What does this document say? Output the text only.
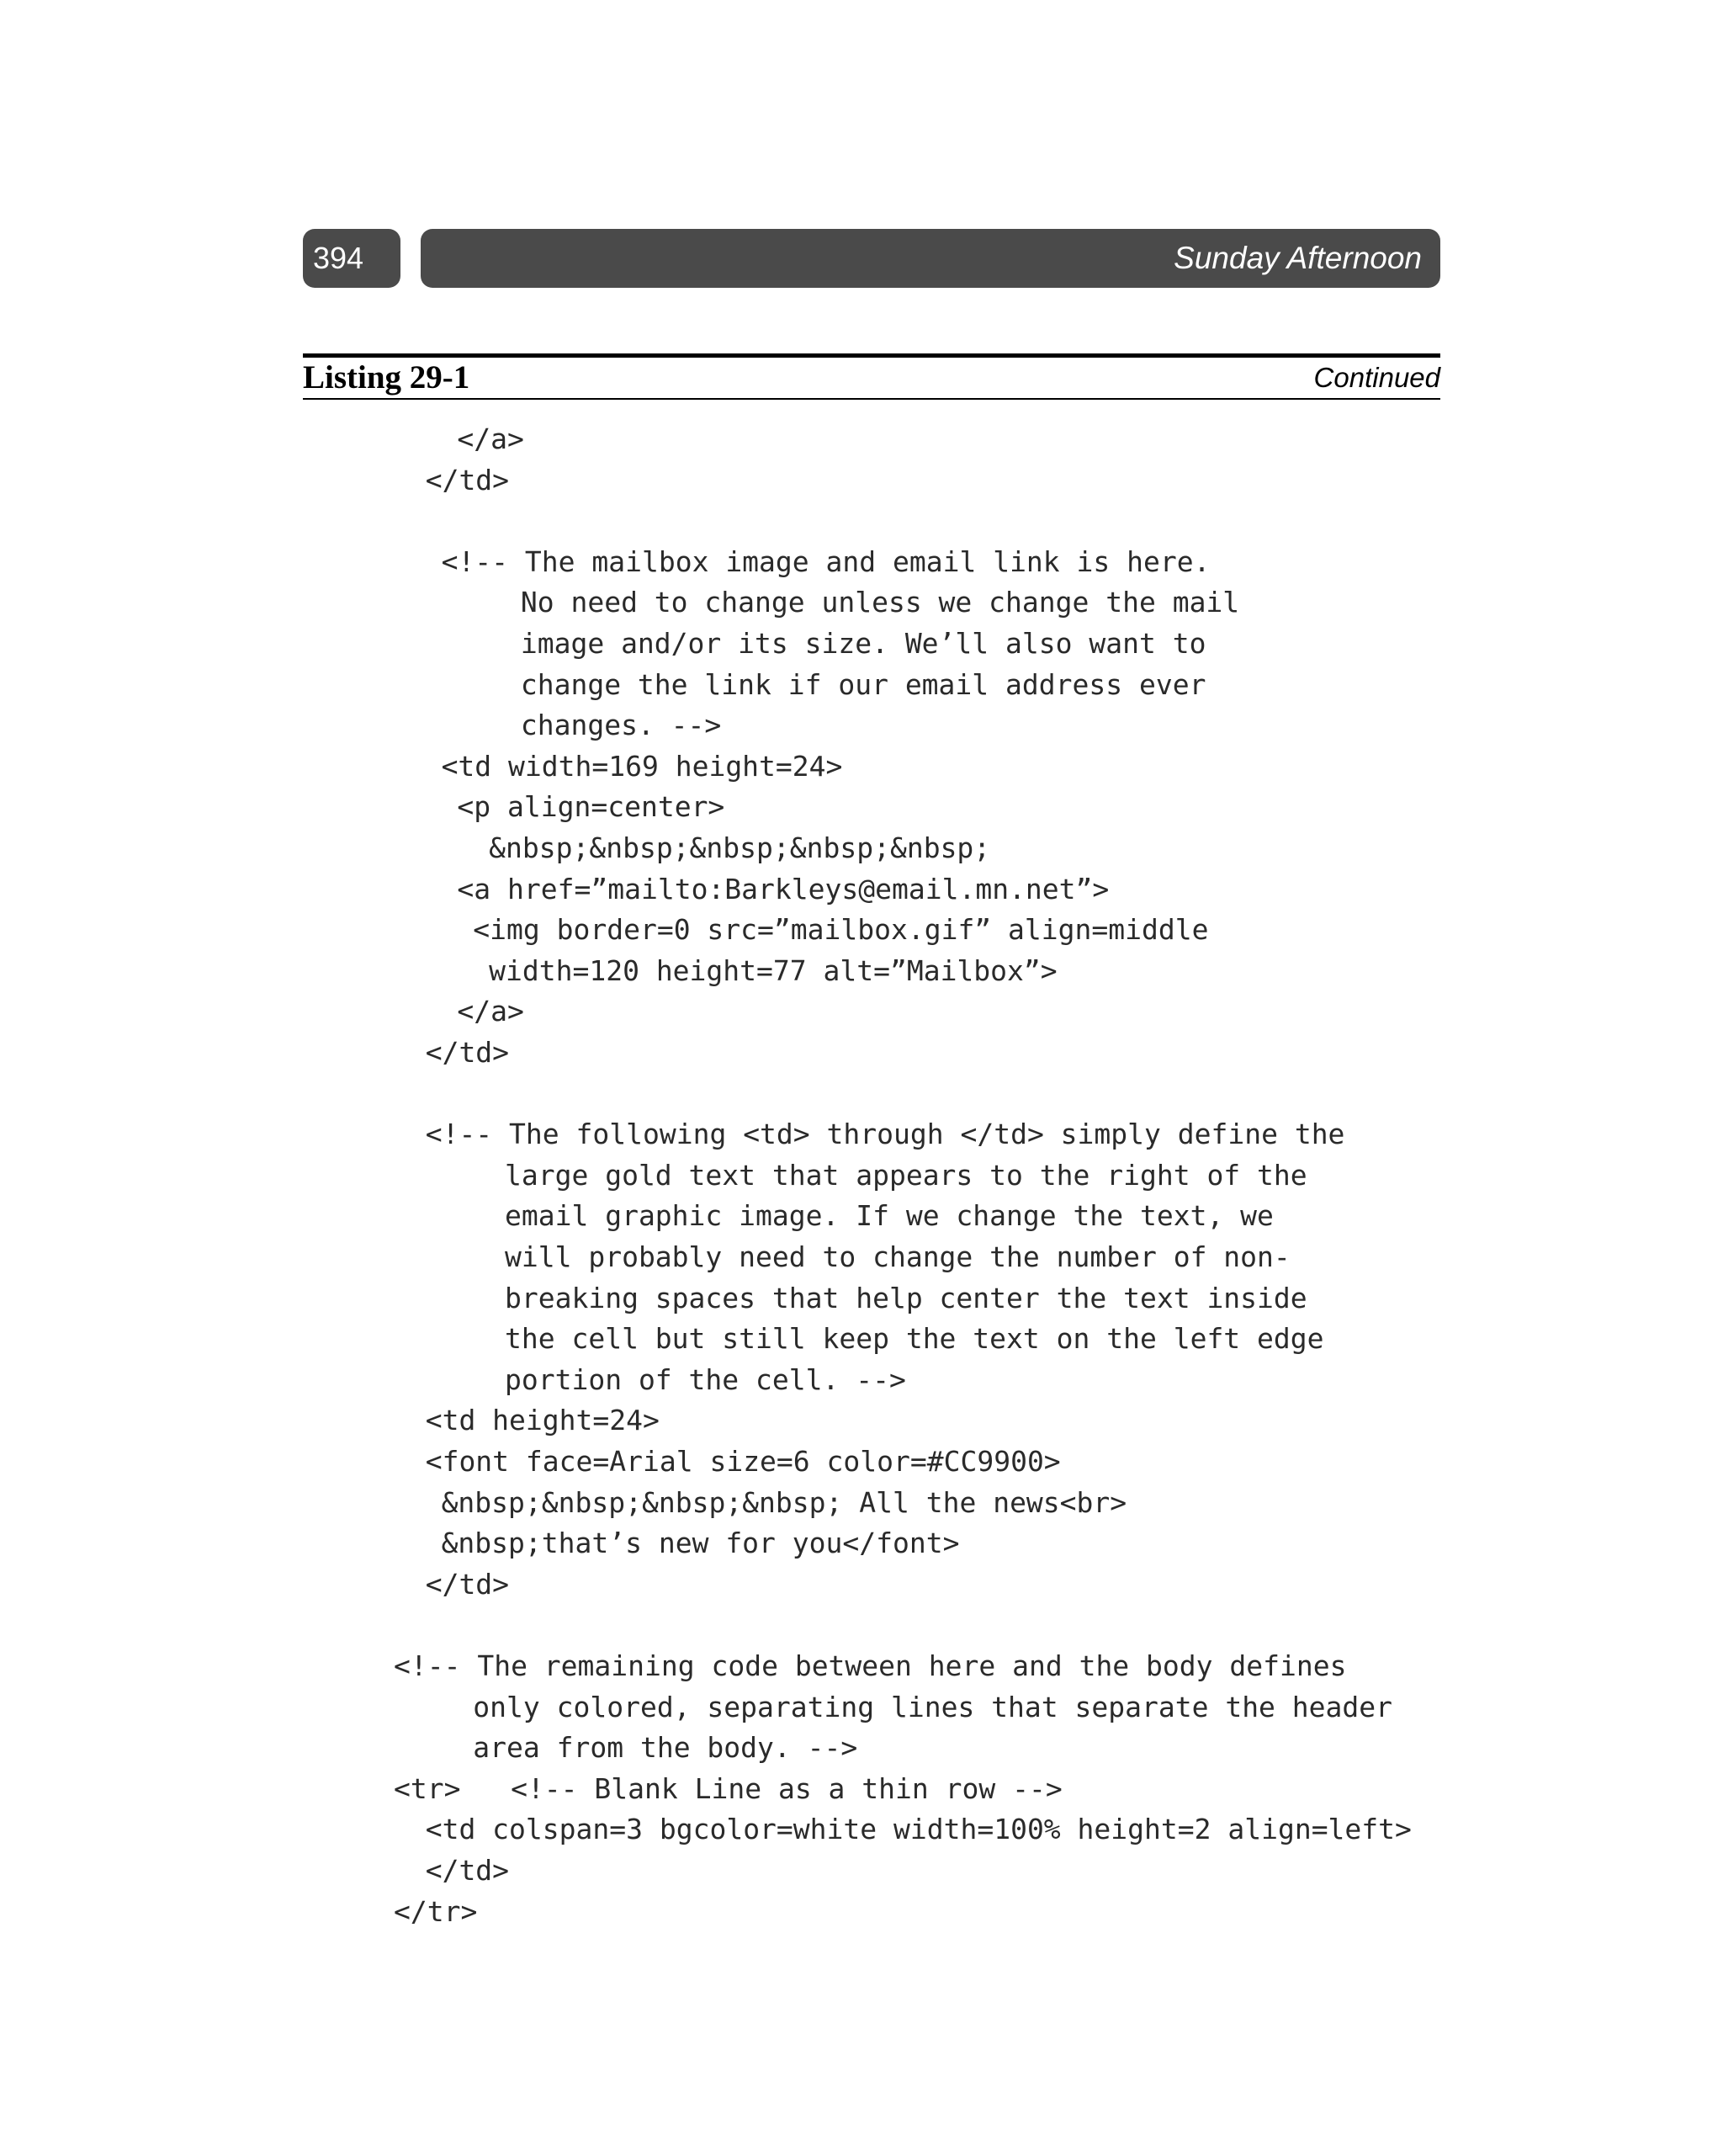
394	Sunday Afternoon
Listing 29-1	Continued
</a>
</td>
<!-- The mailbox image and email link is here.
No need to change unless we change the mail
image and/or its size. We’ll also want to
change the link if our email address ever
changes. -->
<td width=169 height=24>
<p align=center>
&nbsp;&nbsp;&nbsp;&nbsp;&nbsp;
<a href=”mailto:Barkleys@email.mn.net”>
<img border=0 src=”mailbox.gif” align=middle
width=120 height=77 alt=”Mailbox”>
</a>
</td>
<!-- The following <td> through </td> simply define the
large gold text that appears to the right of the
email graphic image. If we change the text, we
will probably need to change the number of non-
breaking spaces that help center the text inside
the cell but still keep the text on the left edge
portion of the cell. -->
<td height=24>
<font face=Arial size=6 color=#CC9900>
&nbsp;&nbsp;&nbsp;&nbsp; All the news<br>
&nbsp;that’s new for you</font>
</td>
<!-- The remaining code between here and the body defines
only colored, separating lines that separate the header
area from the body. -->
<tr>   <!-- Blank Line as a thin row -->
<td colspan=3 bgcolor=white width=100% height=2 align=left>
</td>
</tr>
